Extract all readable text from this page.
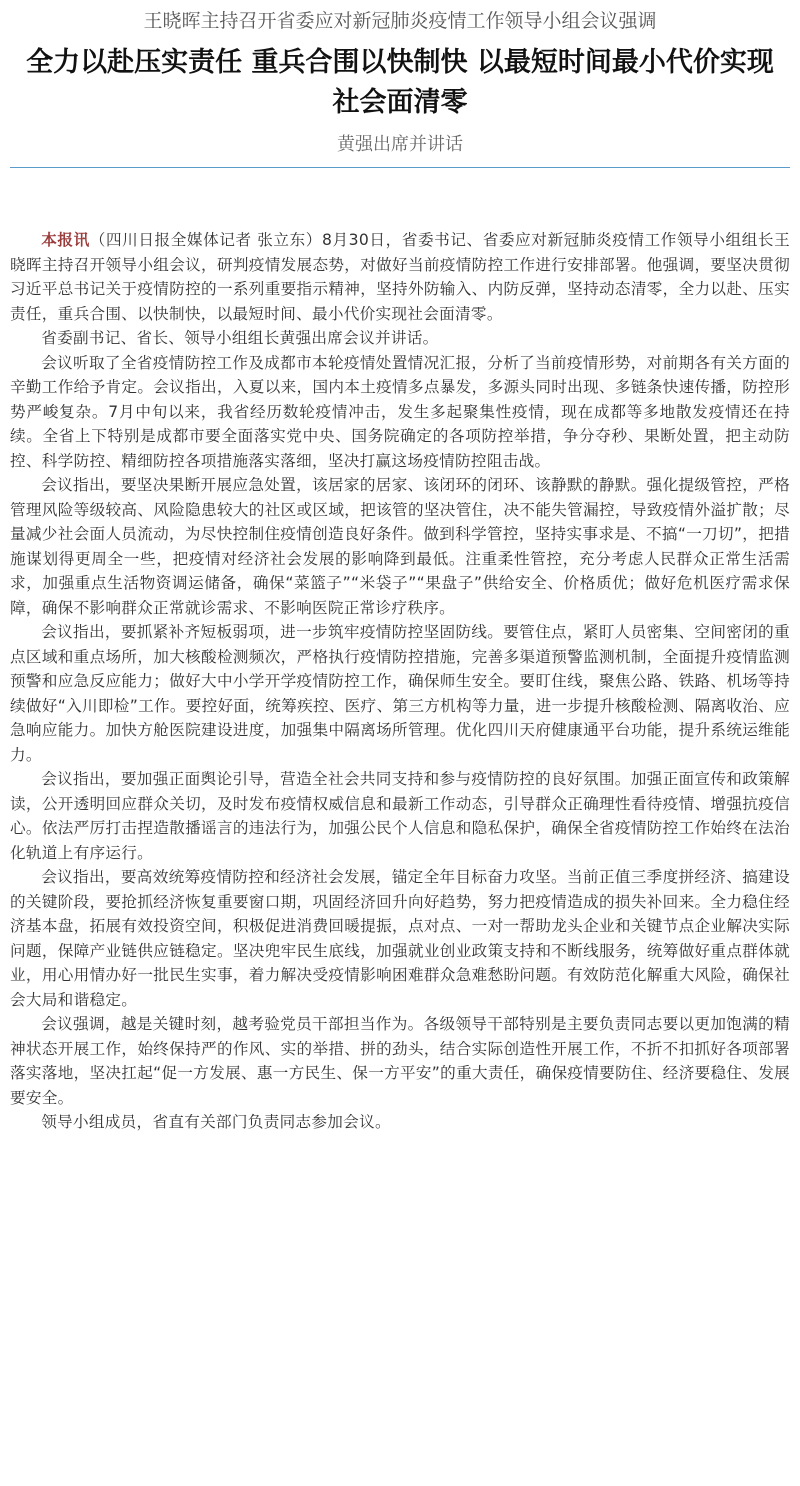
王晓晖主持召开省委应对新冠肺炎疫情工作领导小组会议强调

全力以赴压实责任 重兵合围以快制快 以最短时间最小代价实现社会面清零

黄强出席并讲话

本报讯（四川日报全媒体记者 张立东）8月30日，省委书记、省委应对新冠肺炎疫情工作领导小组组长王晓晖主持召开领导小组会议，研判疫情发展态势，对做好当前疫情防控工作进行安排部署。他强调，要坚决贯彻习近平总书记关于疫情防控的一系列重要指示精神，坚持外防输入、内防反弹，坚持动态清零，全力以赴、压实责任，重兵合围、以快制快，以最短时间、最小代价实现社会面清零。

省委副书记、省长、领导小组组长黄强出席会议并讲话。

会议听取了全省疫情防控工作及成都市本轮疫情处置情况汇报，分析了当前疫情形势，对前期各有关方面的辛勤工作给予肯定。会议指出，入夏以来，国内本土疫情多点暴发，多源头同时出现、多链条快速传播，防控形势严峻复杂。7月中旬以来，我省经历数轮疫情冲击，发生多起聚集性疫情，现在成都等多地散发疫情还在持续。全省上下特别是成都市要全面落实党中央、国务院确定的各项防控举措，争分夺秒、果断处置，把主动防控、科学防控、精细防控各项措施落实落细，坚决打赢这场疫情防控阻击战。

会议指出，要坚决果断开展应急处置，该居家的居家、该闭环的闭环、该静默的静默。强化提级管控，严格管理风险等级较高、风险隐患较大的社区或区域，把该管的坚决管住，决不能失管漏控，导致疫情外溢扩散；尽量减少社会面人员流动，为尽快控制住疫情创造良好条件。做到科学管控，坚持实事求是、不搞“一刀切”，把措施谋划得更周全一些，把疫情对经济社会发展的影响降到最低。注重柔性管控，充分考虑人民群众正常生活需求，加强重点生活物资调运储备，确保“菜篮子”“米袋子”“果盘子”供给安全、价格质优；做好危机医疗需求保障，确保不影响群众正常就诊需求、不影响医院正常诊疗秩序。

会议指出，要抓紧补齐短板弱项，进一步筑牢疫情防控坚固防线。要管住点，紧盯人员密集、空间密闭的重点区域和重点场所，加大核酸检测频次，严格执行疫情防控措施，完善多渠道预警监测机制，全面提升疫情监测预警和应急反应能力；做好大中小学开学疫情防控工作，确保师生安全。要盯住线，聚焦公路、铁路、机场等持续做好“入川即检”工作。要控好面，统筹疾控、医疗、第三方机构等力量，进一步提升核酸检测、隔离收治、应急响应能力。加快方舱医院建设进度，加强集中隔离场所管理。优化四川天府健康通平台功能，提升系统运维能力。

会议指出，要加强正面舆论引导，营造全社会共同支持和参与疫情防控的良好氛围。加强正面宣传和政策解读，公开透明回应群众关切，及时发布疫情权威信息和最新工作动态，引导群众正确理性看待疫情、增强抗疫信心。依法严厉打击捏造散播谣言的违法行为，加强公民个人信息和隐私保护，确保全省疫情防控工作始终在法治化轨道上有序运行。

会议指出，要高效统筹疫情防控和经济社会发展，锚定全年目标奋力攻坚。当前正值三季度拼经济、搞建设的关键阶段，要抢抓经济恢复重要窗口期，巩固经济回升向好趋势，努力把疫情造成的损失补回来。全力稳住经济基本盘，拓展有效投资空间，积极促进消费回暖提振，点对点、一对一帮助龙头企业和关键节点企业解决实际问题，保障产业链供应链稳定。坚决兜牢民生底线，加强就业创业政策支持和不断线服务，统筹做好重点群体就业，用心用情办好一批民生实事，着力解决受疫情影响困难群众急难愁盼问题。有效防范化解重大风险，确保社会大局和谐稳定。

会议强调，越是关键时刻，越考验党员干部担当作为。各级领导干部特别是主要负责同志要以更加饱满的精神状态开展工作，始终保持严的作风、实的举措、拼的劲头，结合实际创造性开展工作，不折不扣抓好各项部署落实落地，坚决扛起“促一方发展、惠一方民生、保一方平安”的重大责任，确保疫情要防住、经济要稳住、发展要安全。

领导小组成员，省直有关部门负责同志参加会议。
